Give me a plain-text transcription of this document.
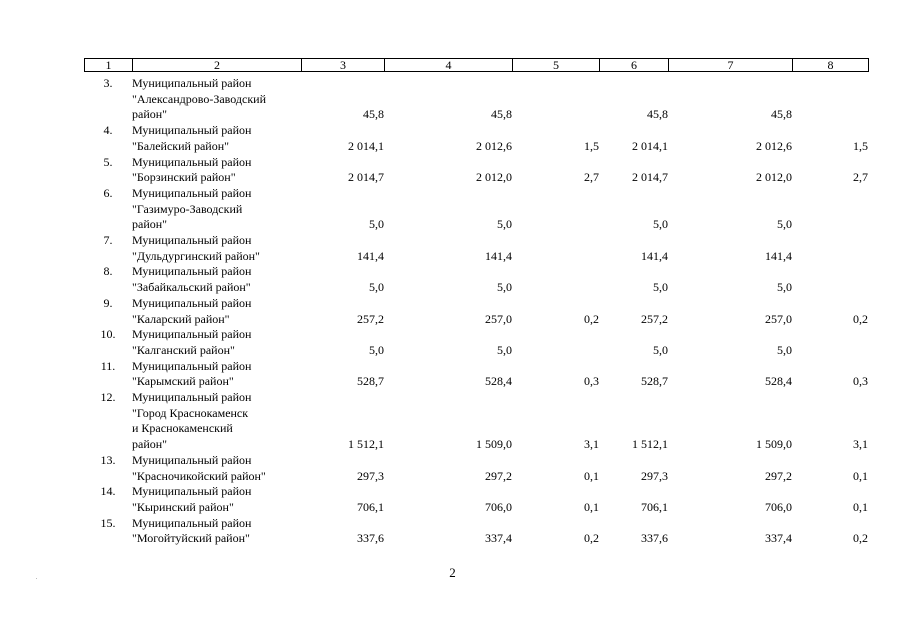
1	2	3	4	5	6	7	8
3.	Муниципальный район
"Александрово-Заводский
район"	45,8	45,8		45,8	45,8	
4.	Муниципальный район
"Балейский район"	2 014,1	2 012,6	1,5	2 014,1	2 012,6	1,5
5.	Муниципальный район
"Борзинский район"	2 014,7	2 012,0	2,7	2 014,7	2 012,0	2,7
6.	Муниципальный район
"Газимуро-Заводский
район"	5,0	5,0		5,0	5,0	
7.	Муниципальный район
"Дульдургинский район"	141,4	141,4		141,4	141,4	
8.	Муниципальный район
"Забайкальский район"	5,0	5,0		5,0	5,0	
9.	Муниципальный район
"Каларский район"	257,2	257,0	0,2	257,2	257,0	0,2
10.	Муниципальный район
"Калганский район"	5,0	5,0		5,0	5,0	
11.	Муниципальный район
"Карымский район"	528,7	528,4	0,3	528,7	528,4	0,3
12.	Муниципальный район
"Город Краснокаменск
и Краснокаменский
район"	1 512,1	1 509,0	3,1	1 512,1	1 509,0	3,1
13.	Муниципальный район
"Красночикойский район"	297,3	297,2	0,1	297,3	297,2	0,1
14.	Муниципальный район
"Кыринский район"	706,1	706,0	0,1	706,1	706,0	0,1
15.	Муниципальный район
"Могойтуйский район"	337,6	337,4	0,2	337,6	337,4	0,2
2
